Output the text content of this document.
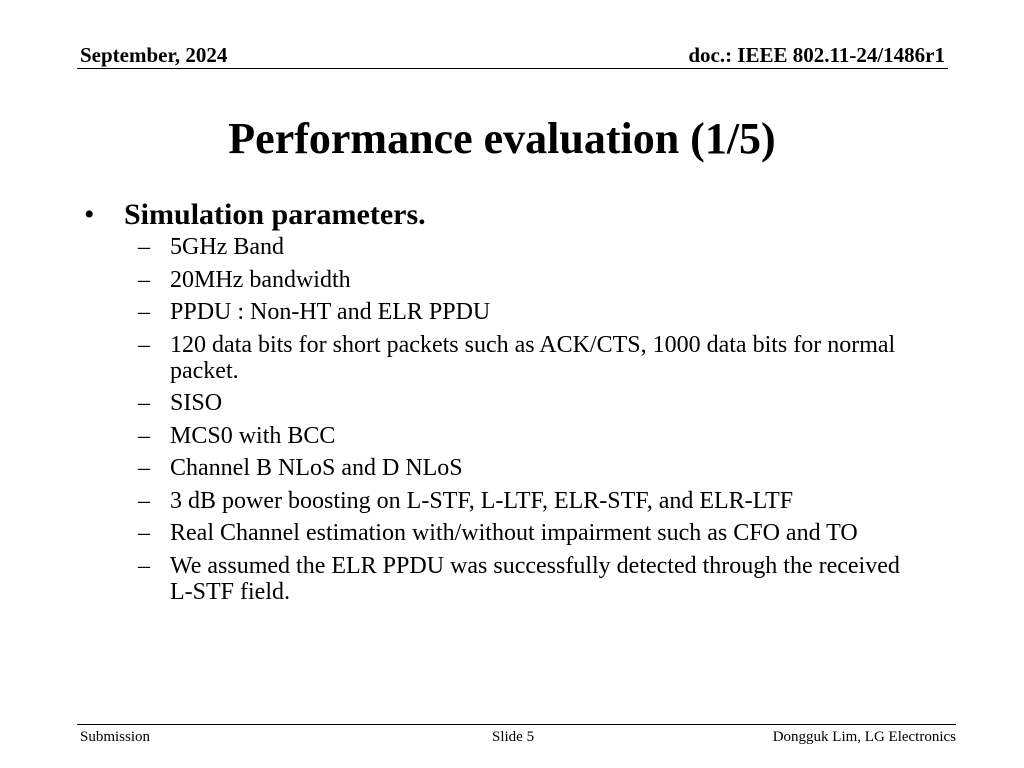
September, 2024	doc.: IEEE 802.11-24/1486r1
Performance evaluation (1/5)
• Simulation parameters.
– 5GHz Band
– 20MHz bandwidth
– PPDU : Non-HT and ELR PPDU
– 120 data bits for short packets such as ACK/CTS, 1000 data bits for normal packet.
– SISO
– MCS0 with BCC
– Channel B NLoS and D NLoS
– 3 dB power boosting on L-STF, L-LTF, ELR-STF, and ELR-LTF
– Real Channel estimation with/without impairment such as CFO and TO
– We assumed the ELR PPDU was successfully detected through the received L-STF field.
Submission	Slide 5	Dongguk Lim, LG Electronics
